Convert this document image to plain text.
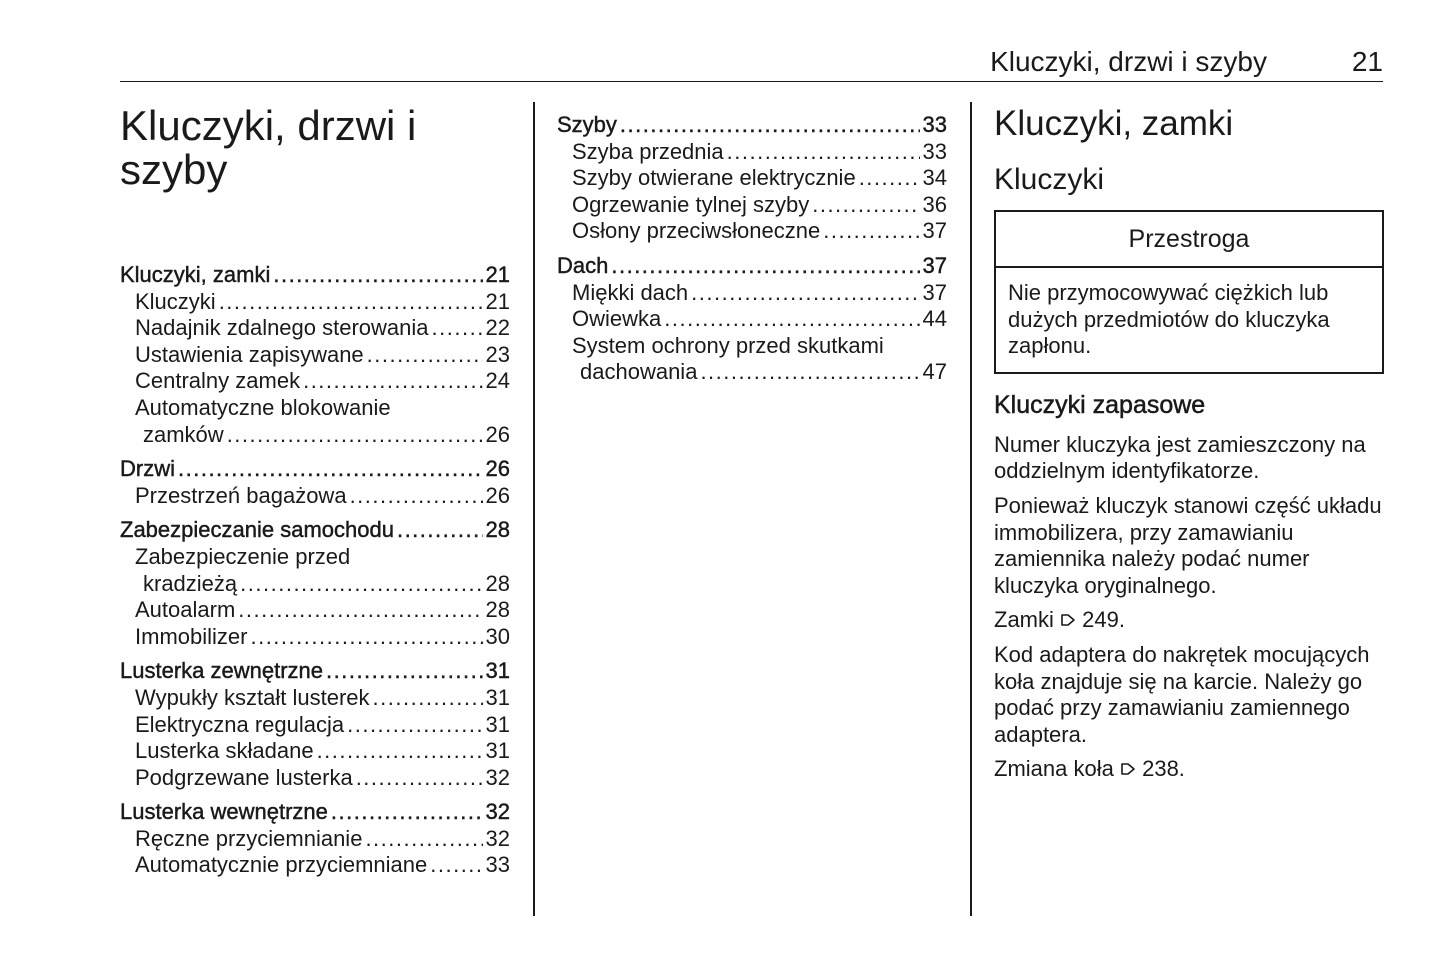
Kluczyki, drzwi i szyby	21
Kluczyki, drzwi i
szyby
Kluczyki, zamki .....	21
Kluczyki .....	21
Nadajnik zdalnego sterowania .....	22
Ustawienia zapisywane .....	23
Centralny zamek .....	24
Automatyczne blokowanie
zamków .....	26
Drzwi .....	26
Przestrzeń bagażowa .....	26
Zabezpieczanie samochodu .....	28
Zabezpieczenie przed
kradzieżą .....	28
Autoalarm .....	28
Immobilizer .....	30
Lusterka zewnętrzne .....	31
Wypukły kształt lusterek .....	31
Elektryczna regulacja .....	31
Lusterka składane .....	31
Podgrzewane lusterka .....	32
Lusterka wewnętrzne .....	32
Ręczne przyciemnianie .....	32
Automatycznie przyciemniane .....	33
Szyby .....	33
Szyba przednia .....	33
Szyby otwierane elektrycznie .....	34
Ogrzewanie tylnej szyby .....	36
Osłony przeciwsłoneczne .....	37
Dach .....	37
Miękki dach .....	37
Owiewka .....	44
System ochrony przed skutkami
dachowania .....	47
Kluczyki, zamki
Kluczyki
Przestroga
Nie przymocowywać ciężkich lub dużych przedmiotów do kluczyka zapłonu.
Kluczyki zapasowe

Numer kluczyka jest zamieszczony na oddzielnym identyfikatorze.

Ponieważ kluczyk stanowi część układu immobilizera, przy zamawianiu zamiennika należy podać numer kluczyka oryginalnego.

Zamki 249.

Kod adaptera do nakrętek mocujących koła znajduje się na karcie. Należy go podać przy zamawianiu zamiennego adaptera.

Zmiana koła 238.
